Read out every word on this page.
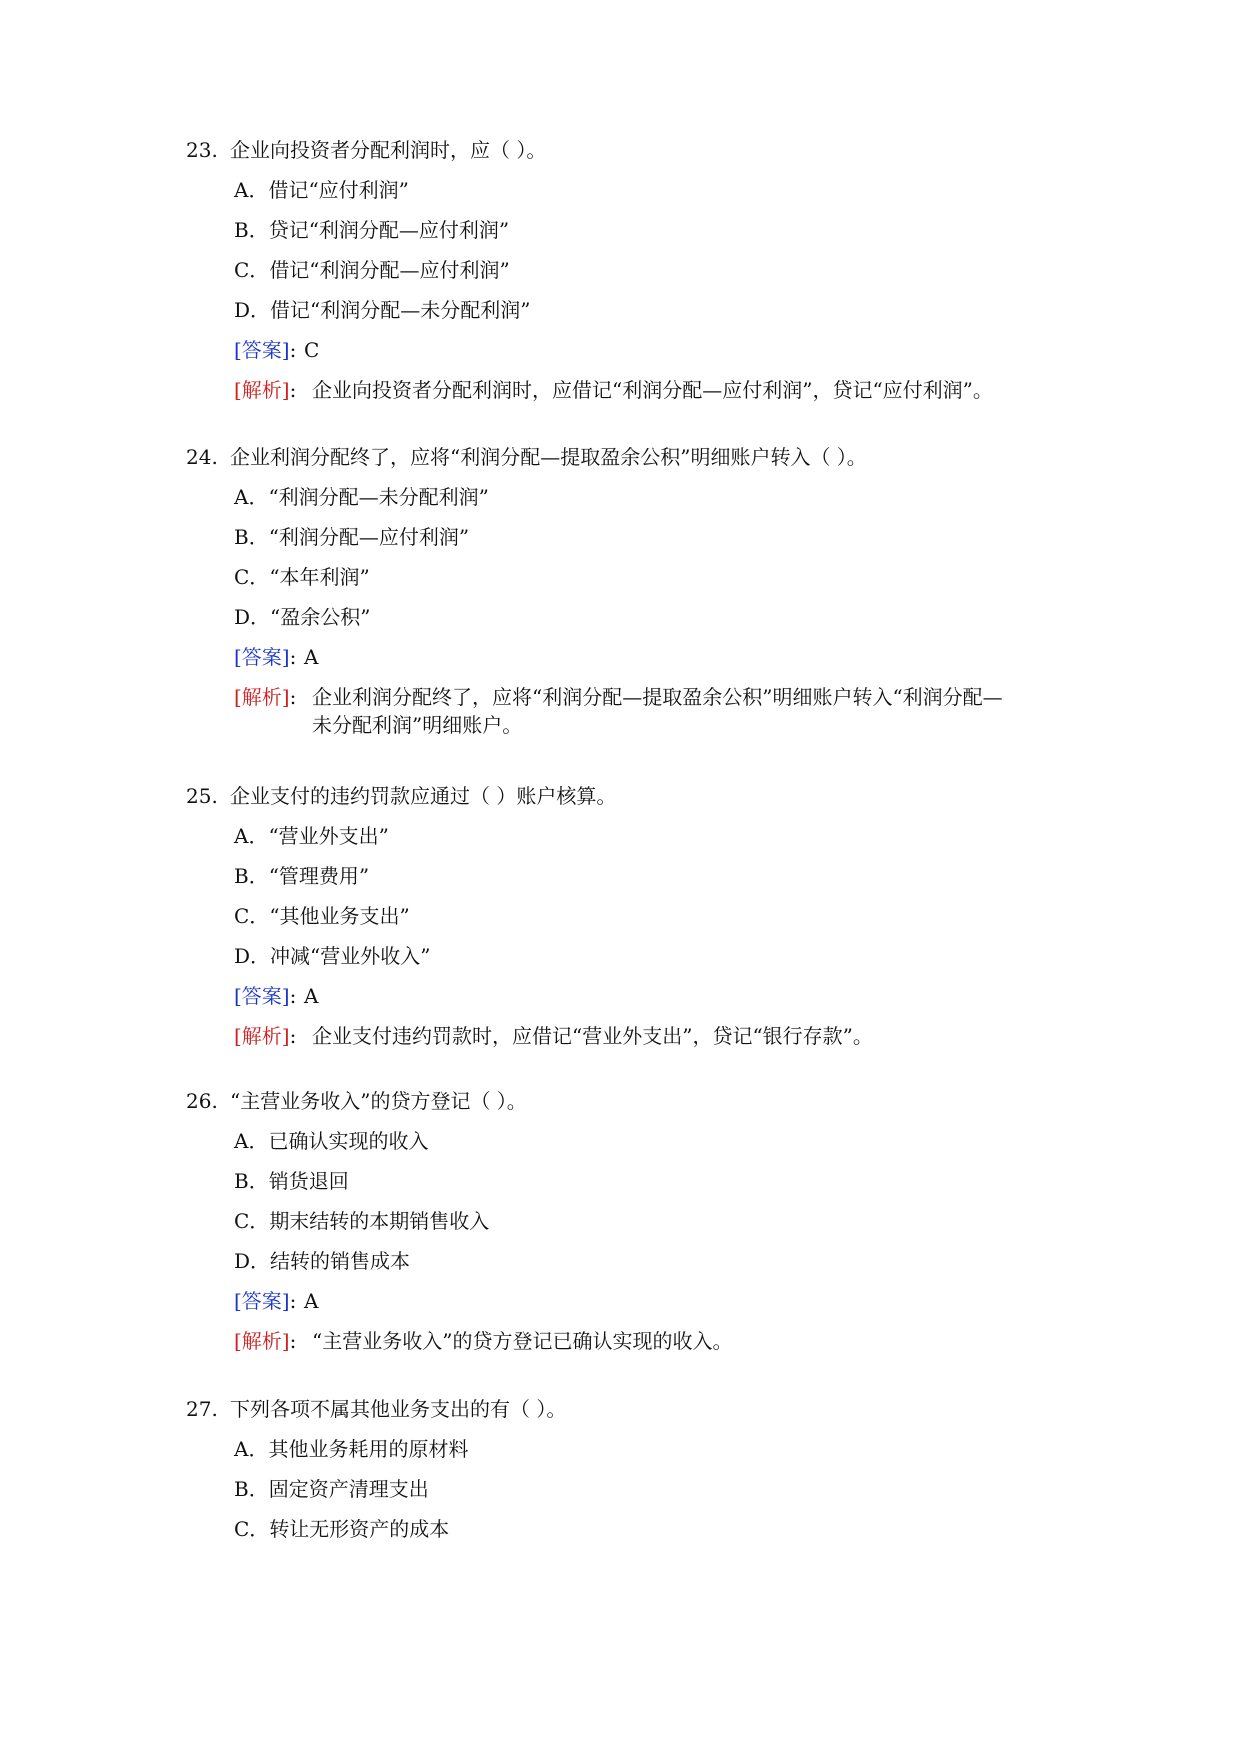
23. 企业向投资者分配利润时，应（ ）。
A．借记“应付利润”
B．贷记“利润分配—应付利润”
C．借记“利润分配—应付利润”
D．借记“利润分配—未分配利润”
[答案]: C
[解析]: 企业向投资者分配利润时，应借记“利润分配—应付利润”，贷记“应付利润”。
24. 企业利润分配终了，应将“利润分配—提取盈余公积”明细账户转入（ ）。
A．“利润分配—未分配利润”
B．“利润分配—应付利润”
C．“本年利润”
D．“盈余公积”
[答案]: A
[解析]: 企业利润分配终了，应将“利润分配—提取盈余公积”明细账户转入“利润分配—
未分配利润”明细账户。
25. 企业支付的违约罚款应通过（ ）账户核算。
A．“营业外支出”
B．“管理费用”
C．“其他业务支出”
D．冲减“营业外收入”
[答案]: A
[解析]: 企业支付违约罚款时，应借记“营业外支出”，贷记“银行存款”。
26. “主营业务收入”的贷方登记（ ）。
A．已确认实现的收入
B．销货退回
C．期末结转的本期销售收入
D．结转的销售成本
[答案]: A
[解析]: “主营业务收入”的贷方登记已确认实现的收入。
27. 下列各项不属其他业务支出的有（ ）。
A．其他业务耗用的原材料
B．固定资产清理支出
C．转让无形资产的成本
